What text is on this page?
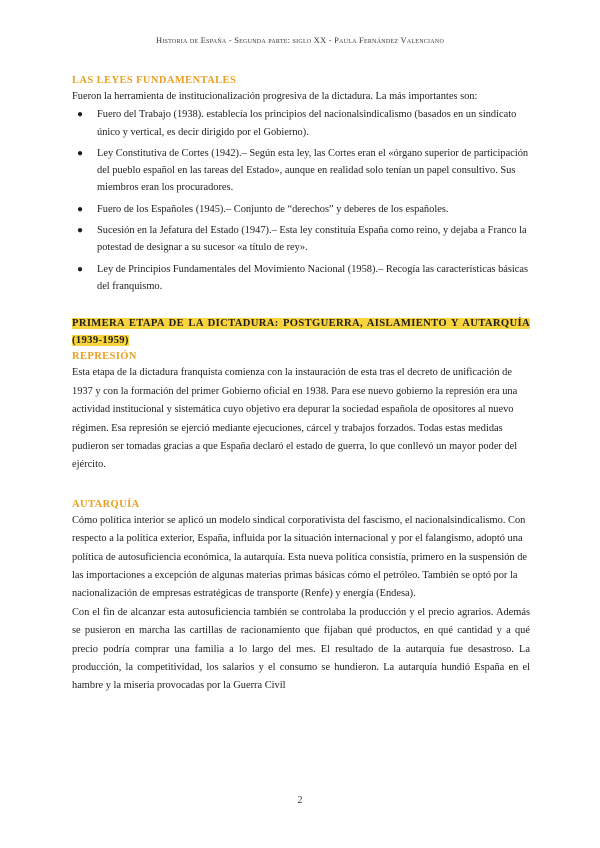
Historia de España - Segunda parte: siglo XX - Paula Fernández Valenciano
LAS LEYES FUNDAMENTALES

Fueron la herramienta de institucionalización progresiva de la dictadura. La más importantes son:

● Fuero del Trabajo (1938). establecía los principios del nacionalsindicalismo (basados en un sindicato único y vertical, es decir dirigido por el Gobierno).
● Ley Constitutiva de Cortes (1942).– Según esta ley, las Cortes eran el «órgano superior de participación del pueblo español en las tareas del Estado», aunque en realidad solo tenían un papel consultivo. Sus miembros eran los procuradores.
● Fuero de los Españoles (1945).– Conjunto de “derechos” y deberes de los españoles.
● Sucesión en la Jefatura del Estado (1947).– Esta ley constituía España como reino, y dejaba a Franco la potestad de designar a su sucesor «a título de rey».
● Ley de Principios Fundamentales del Movimiento Nacional (1958).– Recogía las características básicas del franquismo.
PRIMERA ETAPA DE LA DICTADURA: POSTGUERRA, AISLAMIENTO Y AUTARQUÍA (1939-1959)
REPRESIÓN

Esta etapa de la dictadura franquista comienza con la instauración de esta tras el decreto de unificación de 1937 y con la formación del primer Gobierno oficial en 1938. Para ese nuevo gobierno la represión era una actividad institucional y sistemática cuyo objetivo era depurar la sociedad española de opositores al nuevo régimen. Esa represión se ejerció mediante ejecuciones, cárcel y trabajos forzados. Todas estas medidas pudieron ser tomadas gracias a que España declaró el estado de guerra, lo que conllevó un mayor poder del ejército.

AUTARQUÍA

Cómo política interior se aplicó un modelo sindical corporativista del fascismo, el nacionalsindicalismo. Con respecto a la política exterior, España, influida por la situación internacional y por el falangismo, adoptó una política de autosuficiencia económica, la autarquía. Esta nueva política consistía, primero en la suspensión de las importaciones a excepción de algunas materias primas básicas cómo el petróleo. También se optó por la nacionalización de empresas estratégicas de transporte (Renfe) y energía (Endesa).

Con el fin de alcanzar esta autosuficiencia también se controlaba la producción y el precio agrarios. Además se pusieron en marcha las cartillas de racionamiento que fijaban qué productos, en qué cantidad y a qué precio podría comprar una familia a lo largo del mes. El resultado de la autarquía fue desastroso. La producción, la competitividad, los salarios y el consumo se hundieron. La autarquía hundió España en el hambre y la miseria provocadas por la Guerra Civil

2
